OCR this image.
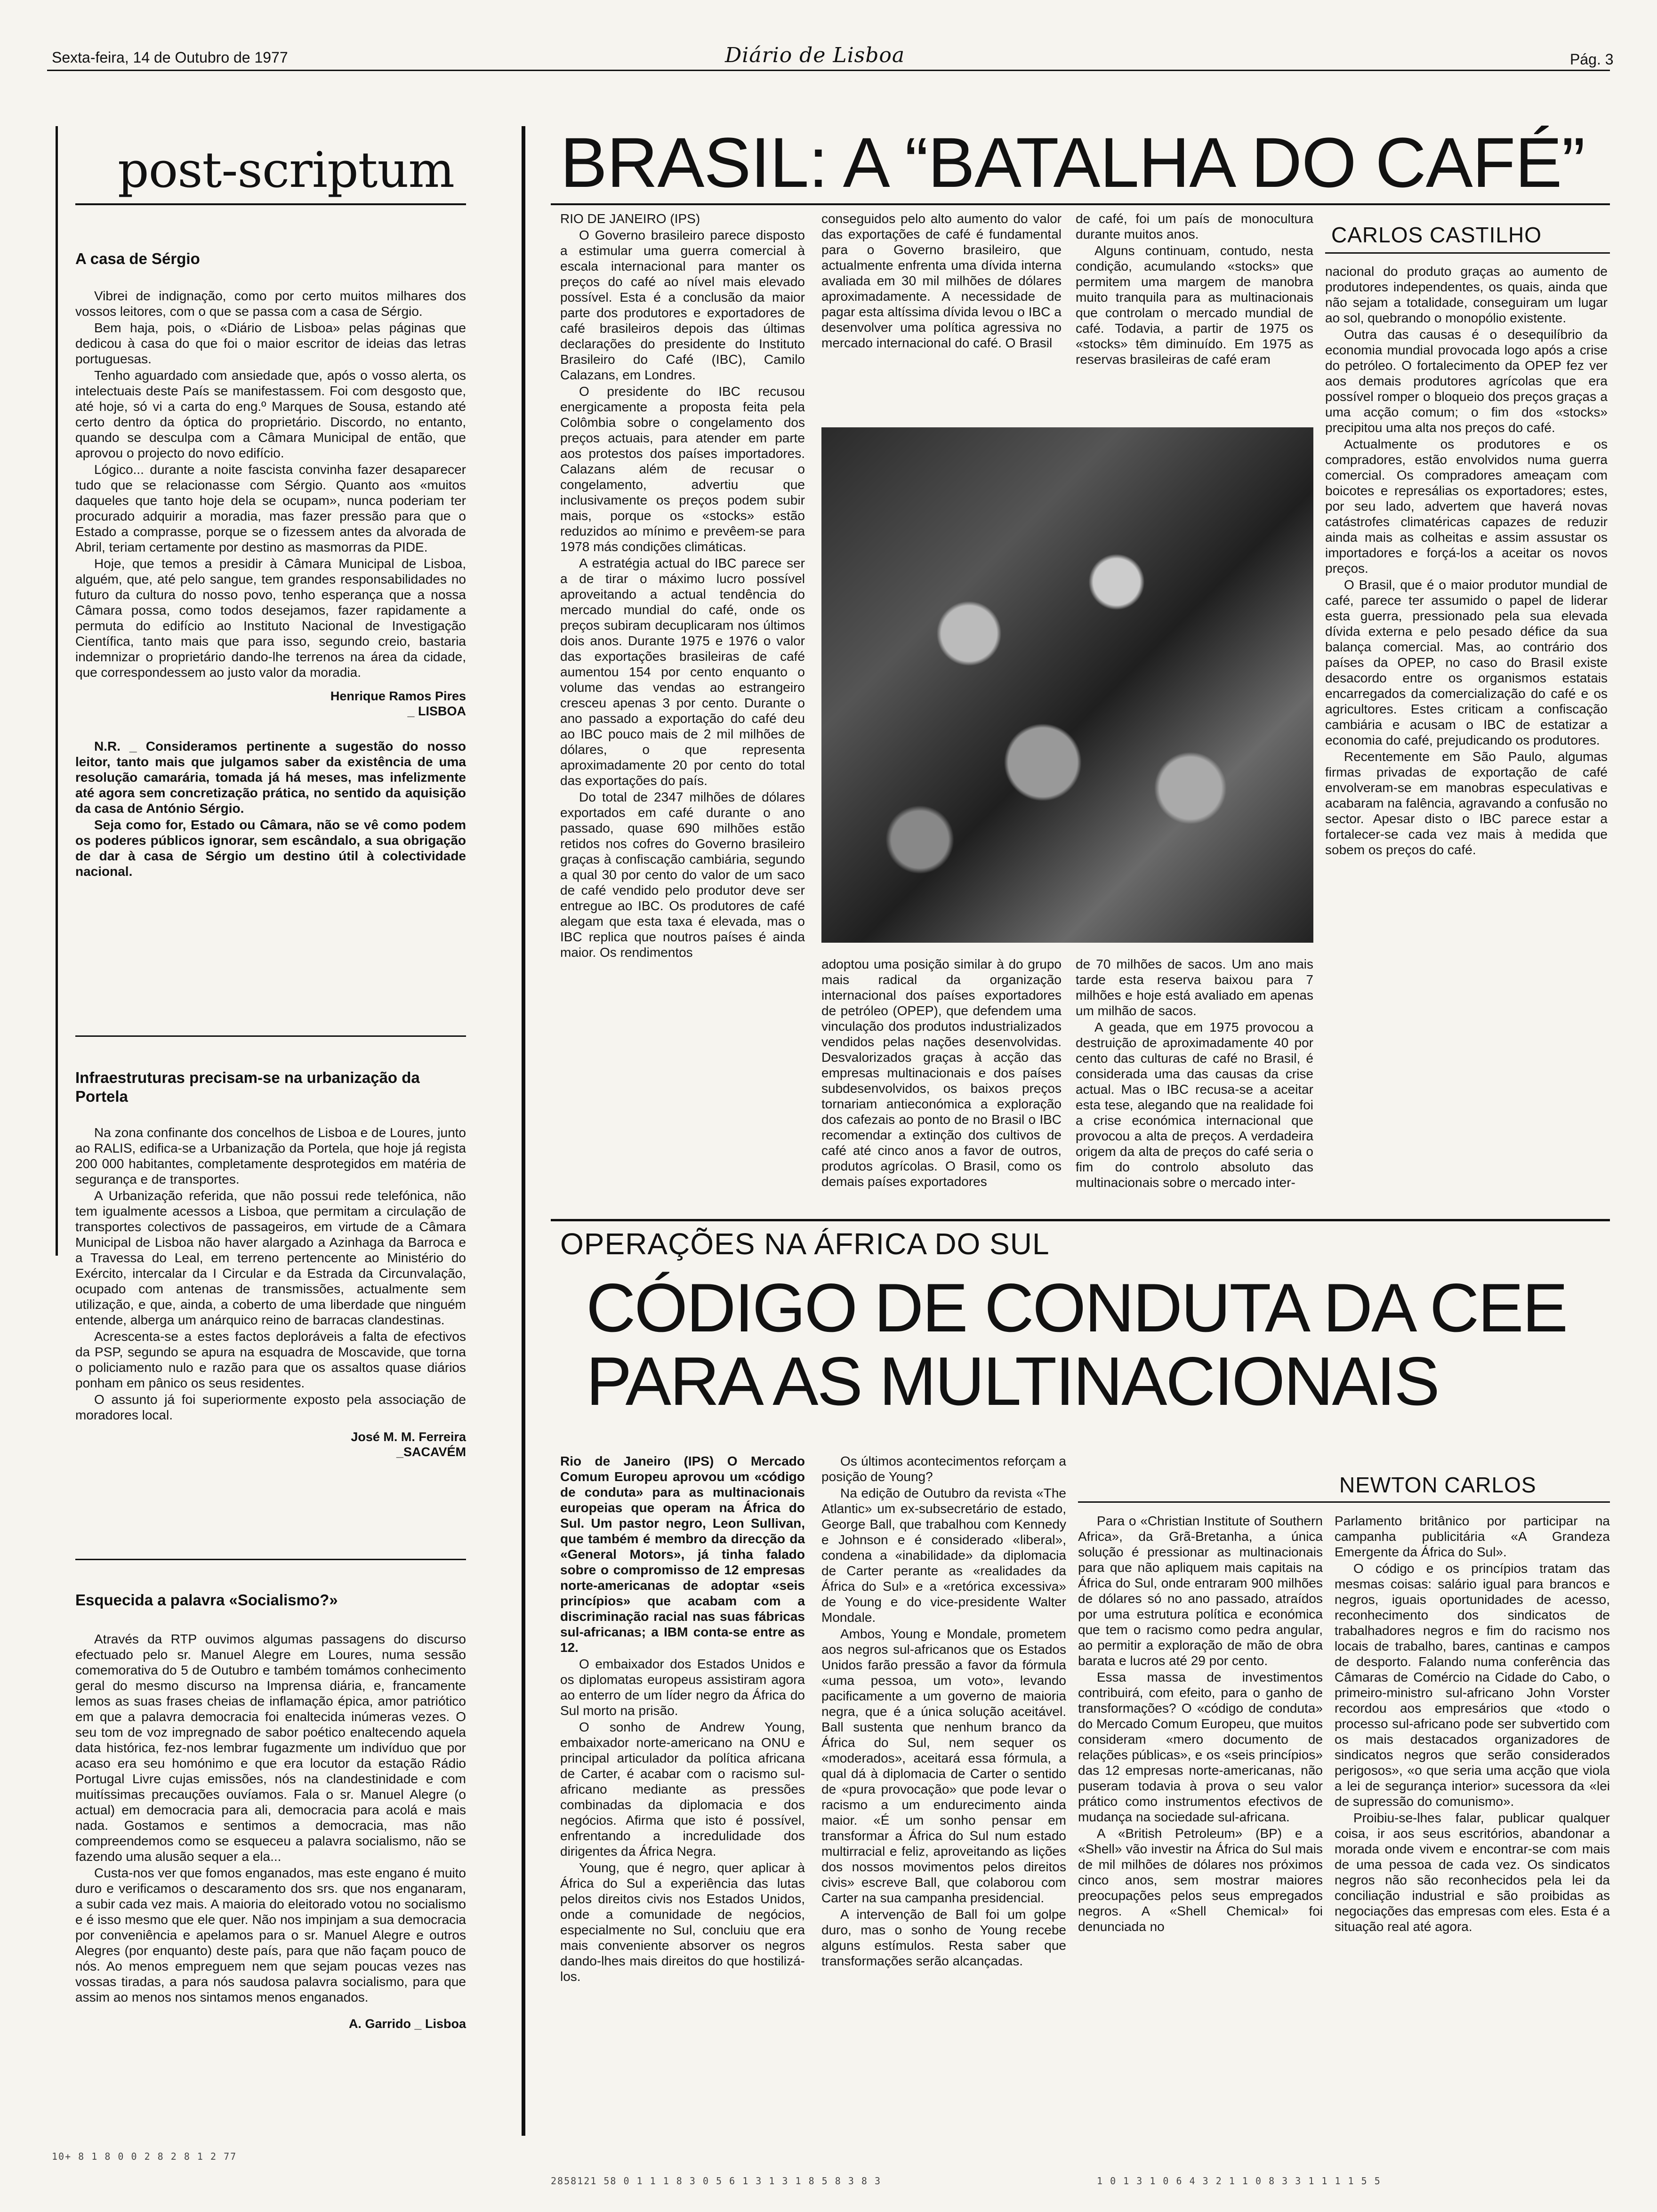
Sexta-feira, 14 de Outubro de 1977	Diário de Lisboa	Pág. 3
post-scriptum
A casa de Sérgio

Vibrei de indignação, como por certo muitos milhares dos vossos leitores, com o que se passa com a casa de Sérgio.

Bem haja, pois, o «Diário de Lisboa» pelas páginas que dedicou à casa do que foi o maior escritor de ideias das letras portuguesas.

Tenho aguardado com ansiedade que, após o vosso alerta, os intelectuais deste País se manifestassem. Foi com desgosto que, até hoje, só vi a carta do eng.º Marques de Sousa, estando até certo dentro da óptica do proprietário. Discordo, no entanto, quando se desculpa com a Câmara Municipal de então, que aprovou o projecto do novo edifício.

Lógico... durante a noite fascista convinha fazer desaparecer tudo que se relacionasse com Sérgio. Quanto aos «muitos daqueles que tanto hoje dela se ocupam», nunca poderiam ter procurado adquirir a moradia, mas fazer pressão para que o Estado a comprasse, porque se o fizessem antes da alvorada de Abril, teriam certamente por destino as masmorras da PIDE.

Hoje, que temos a presidir à Câmara Municipal de Lisboa, alguém, que, até pelo sangue, tem grandes responsabilidades no futuro da cultura do nosso povo, tenho esperança que a nossa Câmara possa, como todos desejamos, fazer rapidamente a permuta do edifício ao Instituto Nacional de Investigação Científica, tanto mais que para isso, segundo creio, bastaria indemnizar o proprietário dando-lhe terrenos na área da cidade, que correspondessem ao justo valor da moradia.

Henrique Ramos Pires

_ LISBOA

N.R. _ Consideramos pertinente a sugestão do nosso leitor, tanto mais que julgamos saber da existência de uma resolução camarária, tomada já há meses, mas infelizmente até agora sem concretização prática, no sentido da aquisição da casa de António Sérgio.

Seja como for, Estado ou Câmara, não se vê como podem os poderes públicos ignorar, sem escândalo, a sua obrigação de dar à casa de Sérgio um destino útil à colectividade nacional.

Infraestruturas precisam-se na urbanização da Portela

Na zona confinante dos concelhos de Lisboa e de Loures, junto ao RALIS, edifica-se a Urbanização da Portela, que hoje já regista 200 000 habitantes, completamente desprotegidos em matéria de segurança e de transportes.

A Urbanização referida, que não possui rede telefónica, não tem igualmente acessos a Lisboa, que permitam a circulação de transportes colectivos de passageiros, em virtude de a Câmara Municipal de Lisboa não haver alargado a Azinhaga da Barroca e a Travessa do Leal, em terreno pertencente ao Ministério do Exército, intercalar da I Circular e da Estrada da Circunvalação, ocupado com antenas de transmissões, actualmente sem utilização, e que, ainda, a coberto de uma liberdade que ninguém entende, alberga um anárquico reino de barracas clandestinas.

Acrescenta-se a estes factos deploráveis a falta de efectivos da PSP, segundo se apura na esquadra de Moscavide, que torna o policiamento nulo e razão para que os assaltos quase diários ponham em pânico os seus residentes.

O assunto já foi superiormente exposto pela associação de moradores local.

José M. M. Ferreira

_SACAVÉM

Esquecida a palavra «Socialismo?»

Através da RTP ouvimos algumas passagens do discurso efectuado pelo sr. Manuel Alegre em Loures, numa sessão comemorativa do 5 de Outubro e também tomámos conhecimento geral do mesmo discurso na Imprensa diária, e, francamente lemos as suas frases cheias de inflamação épica, amor patriótico em que a palavra democracia foi enaltecida inúmeras vezes. O seu tom de voz impregnado de sabor poético enaltecendo aquela data histórica, fez-nos lembrar fugazmente um indivíduo que por acaso era seu homónimo e que era locutor da estação Rádio Portugal Livre cujas emissões, nós na clandestinidade e com muitíssimas precauções ouvíamos. Fala o sr. Manuel Alegre (o actual) em democracia para ali, democracia para acolá e mais nada. Gostamos e sentimos a democracia, mas não compreendemos como se esqueceu a palavra socialismo, não se fazendo uma alusão sequer a ela...

Custa-nos ver que fomos enganados, mas este engano é muito duro e verificamos o descaramento dos srs. que nos enganaram, a subir cada vez mais. A maioria do eleitorado votou no socialismo e é isso mesmo que ele quer. Não nos impinjam a sua democracia por conveniência e apelamos para o sr. Manuel Alegre e outros Alegres (por enquanto) deste país, para que não façam pouco de nós. Ao menos empreguem nem que sejam poucas vezes nas vossas tiradas, a para nós saudosa palavra socialismo, para que assim ao menos nos sintamos menos enganados.

A. Garrido _ Lisboa

BRASIL: A “BATALHA DO CAFÉ”
CARLOS CASTILHO

RIO DE JANEIRO (IPS)

O Governo brasileiro parece disposto a estimular uma guerra comercial à escala internacional para manter os preços do café ao nível mais elevado possível. Esta é a conclusão da maior parte dos produtores e exportadores de café brasileiros depois das últimas declarações do presidente do Instituto Brasileiro do Café (IBC), Camilo Calazans, em Londres.

O presidente do IBC recusou energicamente a proposta feita pela Colômbia sobre o congelamento dos preços actuais, para atender em parte aos protestos dos países importadores. Calazans além de recusar o congelamento, advertiu que inclusivamente os preços podem subir mais, porque os «stocks» estão reduzidos ao mínimo e prevêem-se para 1978 más condições climáticas.

A estratégia actual do IBC parece ser a de tirar o máximo lucro possível aproveitando a actual tendência do mercado mundial do café, onde os preços subiram decuplicaram nos últimos dois anos. Durante 1975 e 1976 o valor das exportações brasileiras de café aumentou 154 por cento enquanto o volume das vendas ao estrangeiro cresceu apenas 3 por cento. Durante o ano passado a exportação do café deu ao IBC pouco mais de 2 mil milhões de dólares, o que representa aproximadamente 20 por cento do total das exportações do país.

Do total de 2347 milhões de dólares exportados em café durante o ano passado, quase 690 milhões estão retidos nos cofres do Governo brasileiro graças à confiscação cambiária, segundo a qual 30 por cento do valor de um saco de café vendido pelo produtor deve ser entregue ao IBC. Os produtores de café alegam que esta taxa é elevada, mas o IBC replica que noutros países é ainda maior. Os rendimentos

conseguidos pelo alto aumento do valor das exportações de café é fundamental para o Governo brasileiro, que actualmente enfrenta uma dívida interna avaliada em 30 mil milhões de dólares aproximadamente. A necessidade de pagar esta altíssima dívida levou o IBC a desenvolver uma política agressiva no mercado internacional do café. O Brasil

de café, foi um país de monocultura durante muitos anos.

Alguns continuam, contudo, nesta condição, acumulando «stocks» que permitem uma margem de manobra muito tranquila para as multinacionais que controlam o mercado mundial de café. Todavia, a partir de 1975 os «stocks» têm diminuído. Em 1975 as reservas brasileiras de café eram

adoptou uma posição similar à do grupo mais radical da organização internacional dos países exportadores de petróleo (OPEP), que defendem uma vinculação dos produtos industrializados vendidos pelas nações desenvolvidas. Desvalorizados graças à acção das empresas multinacionais e dos países subdesenvolvidos, os baixos preços tornariam antieconómica a exploração dos cafezais ao ponto de no Brasil o IBC recomendar a extinção dos cultivos de café até cinco anos a favor de outros, produtos agrícolas. O Brasil, como os demais países exportadores

de 70 milhões de sacos. Um ano mais tarde esta reserva baixou para 7 milhões e hoje está avaliado em apenas um milhão de sacos.

A geada, que em 1975 provocou a destruição de aproximadamente 40 por cento das culturas de café no Brasil, é considerada uma das causas da crise actual. Mas o IBC recusa-se a aceitar esta tese, alegando que na realidade foi a crise económica internacional que provocou a alta de preços. A verdadeira origem da alta de preços do café seria o fim do controlo absoluto das multinacionais sobre o mercado inter-

nacional do produto graças ao aumento de produtores independentes, os quais, ainda que não sejam a totalidade, conseguiram um lugar ao sol, quebrando o monopólio existente.

Outra das causas é o desequilíbrio da economia mundial provocada logo após a crise do petróleo. O fortalecimento da OPEP fez ver aos demais produtores agrícolas que era possível romper o bloqueio dos preços graças a uma acção comum; o fim dos «stocks» precipitou uma alta nos preços do café.

Actualmente os produtores e os compradores, estão envolvidos numa guerra comercial. Os compradores ameaçam com boicotes e represálias os exportadores; estes, por seu lado, advertem que haverá novas catástrofes climatéricas capazes de reduzir ainda mais as colheitas e assim assustar os importadores e forçá-los a aceitar os novos preços.

O Brasil, que é o maior produtor mundial de café, parece ter assumido o papel de liderar esta guerra, pressionado pela sua elevada dívida externa e pelo pesado défice da sua balança comercial. Mas, ao contrário dos países da OPEP, no caso do Brasil existe desacordo entre os organismos estatais encarregados da comercialização do café e os agricultores. Estes criticam a confiscação cambiária e acusam o IBC de estatizar a economia do café, prejudicando os produtores.

Recentemente em São Paulo, algumas firmas privadas de exportação de café envolveram-se em manobras especulativas e acabaram na falência, agravando a confusão no sector. Apesar disto o IBC parece estar a fortalecer-se cada vez mais à medida que sobem os preços do café.

OPERAÇÕES NA ÁFRICA DO SUL
CÓDIGO DE CONDUTA DA CEE
PARA AS MULTINACIONAIS
NEWTON CARLOS

Rio de Janeiro (IPS) O Mercado Comum Europeu aprovou um «código de conduta» para as multinacionais europeias que operam na África do Sul. Um pastor negro, Leon Sullivan, que também é membro da direcção da «General Motors», já tinha falado sobre o compromisso de 12 empresas norte-americanas de adoptar «seis princípios» que acabam com a discriminação racial nas suas fábricas sul-africanas; a IBM conta-se entre as 12.

O embaixador dos Estados Unidos e os diplomatas europeus assistiram agora ao enterro de um líder negro da África do Sul morto na prisão.

O sonho de Andrew Young, embaixador norte-americano na ONU e principal articulador da política africana de Carter, é acabar com o racismo sul-africano mediante as pressões combinadas da diplomacia e dos negócios. Afirma que isto é possível, enfrentando a incredulidade dos dirigentes da África Negra.

Young, que é negro, quer aplicar à África do Sul a experiência das lutas pelos direitos civis nos Estados Unidos, onde a comunidade de negócios, especialmente no Sul, concluiu que era mais conveniente absorver os negros dando-lhes mais direitos do que hostilizá-los.

Os últimos acontecimentos reforçam a posição de Young?

Na edição de Outubro da revista «The Atlantic» um ex-subsecretário de estado, George Ball, que trabalhou com Kennedy e Johnson e é considerado «liberal», condena a «inabilidade» da diplomacia de Carter perante as «realidades da África do Sul» e a «retórica excessiva» de Young e do vice-presidente Walter Mondale.

Ambos, Young e Mondale, prometem aos negros sul-africanos que os Estados Unidos farão pressão a favor da fórmula «uma pessoa, um voto», levando pacificamente a um governo de maioria negra, que é a única solução aceitável. Ball sustenta que nenhum branco da África do Sul, nem sequer os «moderados», aceitará essa fórmula, a qual dá à diplomacia de Carter o sentido de «pura provocação» que pode levar o racismo a um endurecimento ainda maior. «É um sonho pensar em transformar a África do Sul num estado multirracial e feliz, aproveitando as lições dos nossos movimentos pelos direitos civis» escreve Ball, que colaborou com Carter na sua campanha presidencial.

A intervenção de Ball foi um golpe duro, mas o sonho de Young recebe alguns estímulos. Resta saber que transformações serão alcançadas.

Para o «Christian Institute of Southern Africa», da Grã-Bretanha, a única solução é pressionar as multinacionais para que não apliquem mais capitais na África do Sul, onde entraram 900 milhões de dólares só no ano passado, atraídos por uma estrutura política e económica que tem o racismo como pedra angular, ao permitir a exploração de mão de obra barata e lucros até 29 por cento.

Essa massa de investimentos contribuirá, com efeito, para o ganho de transformações? O «código de conduta» do Mercado Comum Europeu, que muitos consideram «mero documento de relações públicas», e os «seis princípios» das 12 empresas norte-americanas, não puseram todavia à prova o seu valor prático como instrumentos efectivos de mudança na sociedade sul-africana.

A «British Petroleum» (BP) e a «Shell» vão investir na África do Sul mais de mil milhões de dólares nos próximos cinco anos, sem mostrar maiores preocupações pelos seus empregados negros. A «Shell Chemical» foi denunciada no

Parlamento britânico por participar na campanha publicitária «A Grandeza Emergente da África do Sul».

O código e os princípios tratam das mesmas coisas: salário igual para brancos e negros, iguais oportunidades de acesso, reconhecimento dos sindicatos de trabalhadores negros e fim do racismo nos locais de trabalho, bares, cantinas e campos de desporto. Falando numa conferência das Câmaras de Comércio na Cidade do Cabo, o primeiro-ministro sul-africano John Vorster recordou aos empresários que «todo o processo sul-africano pode ser subvertido com os mais destacados organizadores de sindicatos negros que serão considerados perigosos», «o que seria uma acção que viola a lei de segurança interior» sucessora da «lei de supressão do comunismo».

Proibiu-se-lhes falar, publicar qualquer coisa, ir aos seus escritórios, abandonar a morada onde vivem e encontrar-se com mais de uma pessoa de cada vez. Os sindicatos negros não são reconhecidos pela lei da conciliação industrial e são proibidas as negociações das empresas com eles. Esta é a situação real até agora.

10+ 8 1 8 0 0 2 8 2 8 1 2 77
2858121 58 0 1 1 1 8 3 0 5 6 1 3 1 3 1 8 5 8 3 8 3	1 0 1 3 1 0 6 4 3 2 1 1 0 8 3 3 1 1 1 1 5 5
